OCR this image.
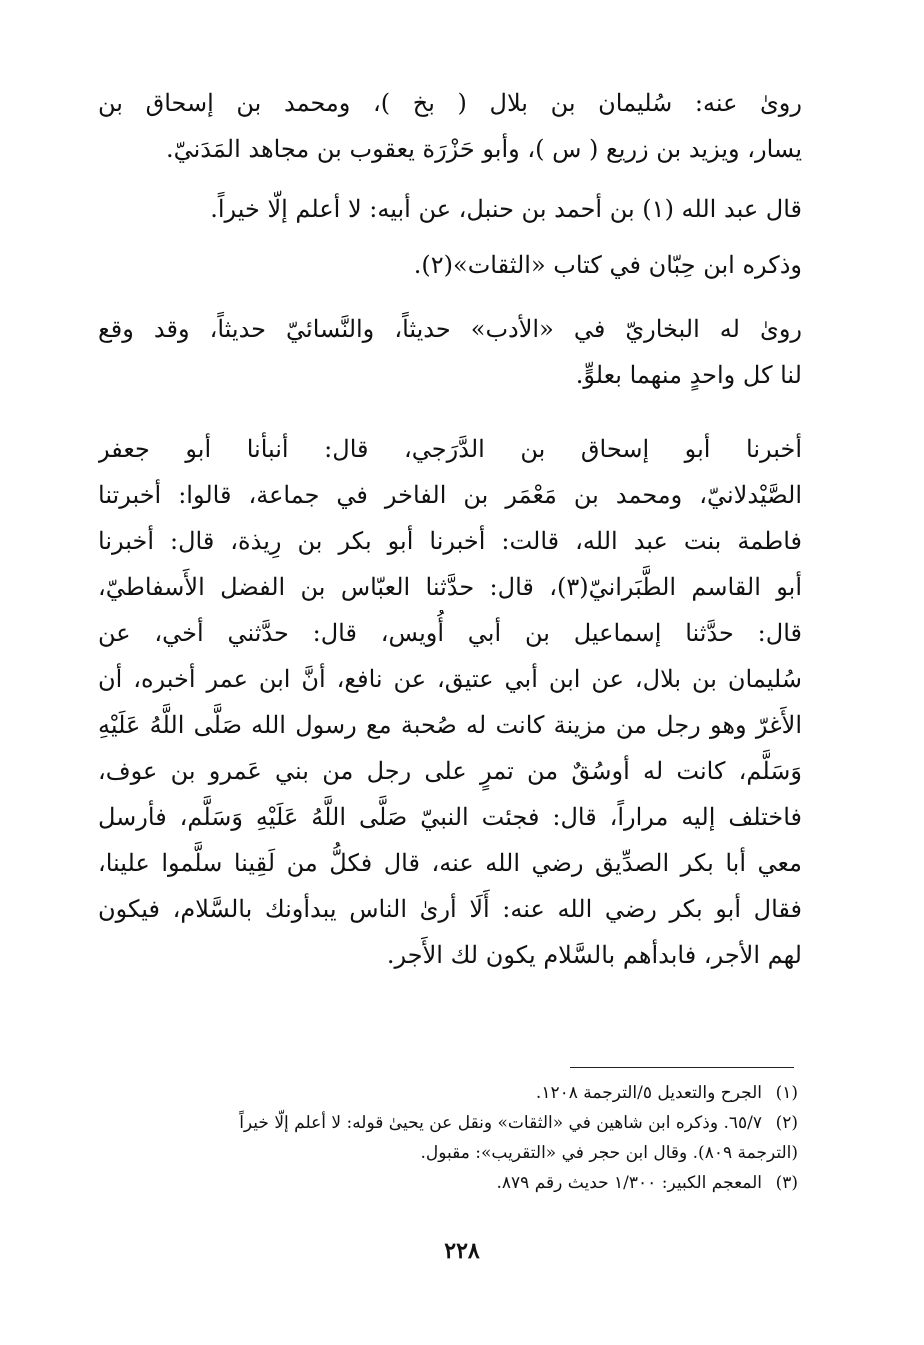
روىٰ عنه: سُليمان بن بلال ( بخ )، ومحمد بن إسحاق بن
يسار، ويزيد بن زريع ( س )، وأبو حَزْرَة يعقوب بن مجاهد المَدَنيّ.

قال عبد الله (١) بن أحمد بن حنبل، عن أبيه: لا أعلم إلّا خيراً.

وذكره ابن حِبّان في كتاب «الثقات»(٢).

روىٰ له البخاريّ في «الأدب» حديثاً، والنَّسائيّ حديثاً، وقد وقع
لنا كل واحدٍ منهما بعلوٍّ.

أخبرنا أبو إسحاق بن الدَّرَجي، قال: أنبأنا أبو جعفر
الصَّيْدلانيّ، ومحمد بن مَعْمَر بن الفاخر في جماعة، قالوا: أخبرتنا
فاطمة بنت عبد الله، قالت: أخبرنا أبو بكر بن رِيذة، قال: أخبرنا
أبو القاسم الطَّبَرانيّ(٣)، قال: حدَّثنا العبّاس بن الفضل الأَسفاطيّ،
قال: حدَّثنا إسماعيل بن أبي أُويس، قال: حدَّثني أخي، عن
سُليمان بن بلال، عن ابن أبي عتيق، عن نافع، أنَّ ابن عمر أخبره، أن
الأَغرّ وهو رجل من مزينة كانت له صُحبة مع رسول الله صَلَّى اللَّهُ عَلَيْهِ
وَسَلَّم، كانت له أوسُقٌ من تمرٍ على رجل من بني عَمرو بن عوف،
فاختلف إليه مراراً، قال: فجئت النبيّ صَلَّى اللَّهُ عَلَيْهِ وَسَلَّم، فأرسل
معي أبا بكر الصدِّيق رضي الله عنه، قال فكلُّ من لَقِينا سلَّموا علينا،
فقال أبو بكر رضي الله عنه: أَلَا أرىٰ الناس يبدأونك بالسَّلام، فيكون
لهم الأجر، فابدأهم بالسَّلام يكون لك الأَجر.

(١)
الجرح والتعديل ٥/الترجمة ١٢٠٨.
(٢)
٦٥/٧. وذكره ابن شاهين في «الثقات» ونقل عن يحيىٰ قوله: لا أعلم إلّا خيراً
(الترجمة ٨٠٩). وقال ابن حجر في «التقريب»: مقبول.
(٣)
المعجم الكبير: ١/٣٠٠ حديث رقم ٨٧٩.
٢٢٨
